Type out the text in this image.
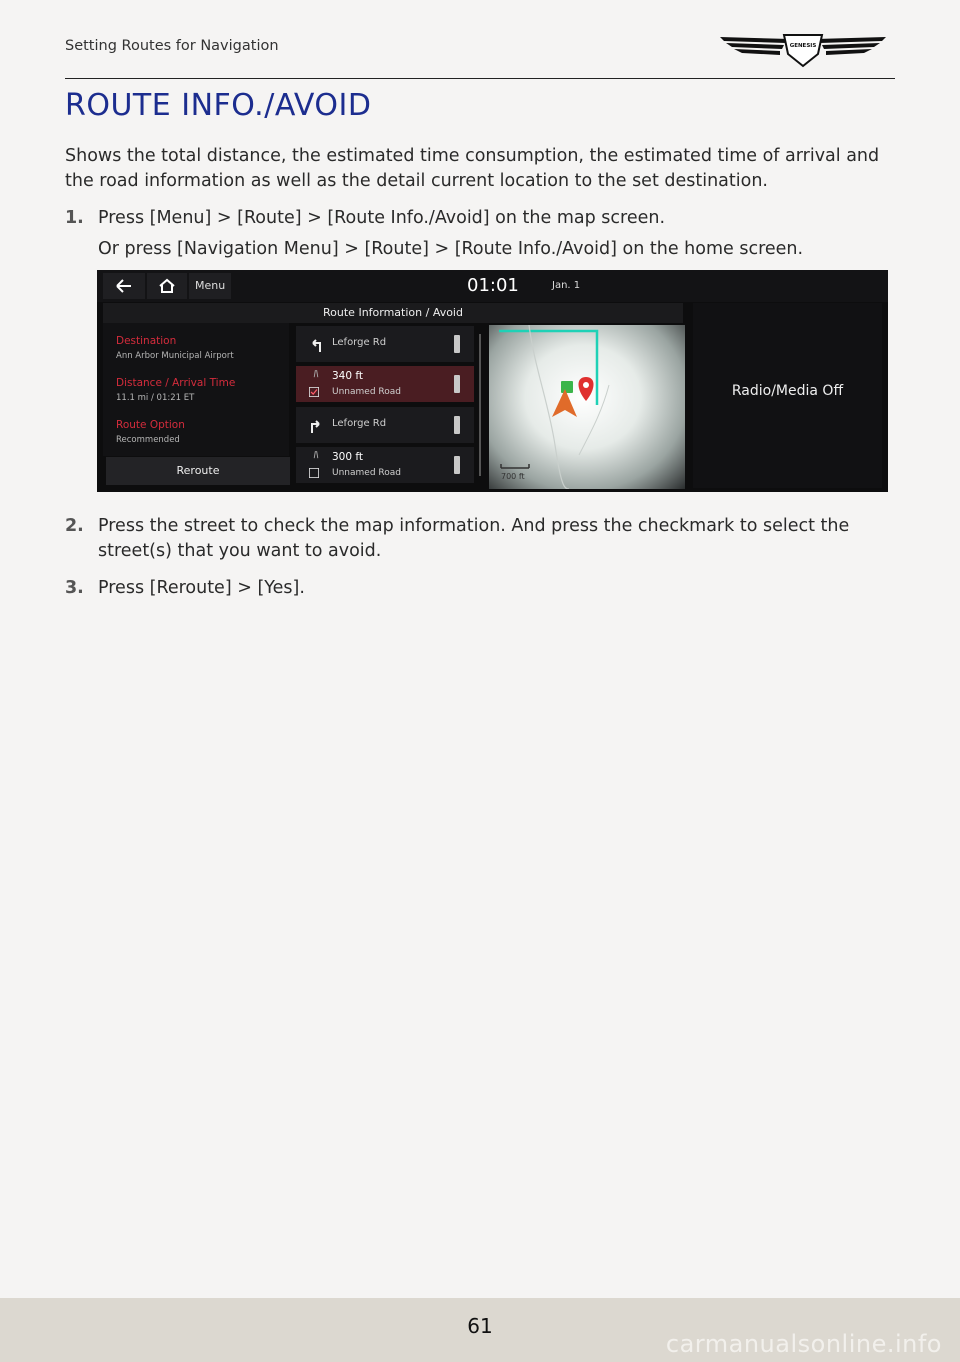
Setting Routes for Navigation	GENESIS
ROUTE INFO./AVOID

Shows the total distance, the estimated time consumption, the estimated time of arrival and the road information as well as the detail current location to the set destination.

1. Press [Menu] > [Route] > [Route Info./Avoid] on the map screen.
Or press [Navigation Menu] > [Route] > [Route Info./Avoid] on the home screen.
Menu	01:01	Jan. 1
Route Information / Avoid
Destination
Ann Arbor Municipal Airport
Distance / Arrival Time
11.1 mi / 01:21 ET
Route Option
Recommended
Reroute
Leforge Rd
340 ft
Unnamed Road
Leforge Rd
300 ft
Unnamed Road	700 ft
Radio/Media Off
2. Press the street to check the map information. And press the checkmark to select the street(s) that you want to avoid.
3. Press [Reroute] > [Yes].
61
carmanualsonline.info
